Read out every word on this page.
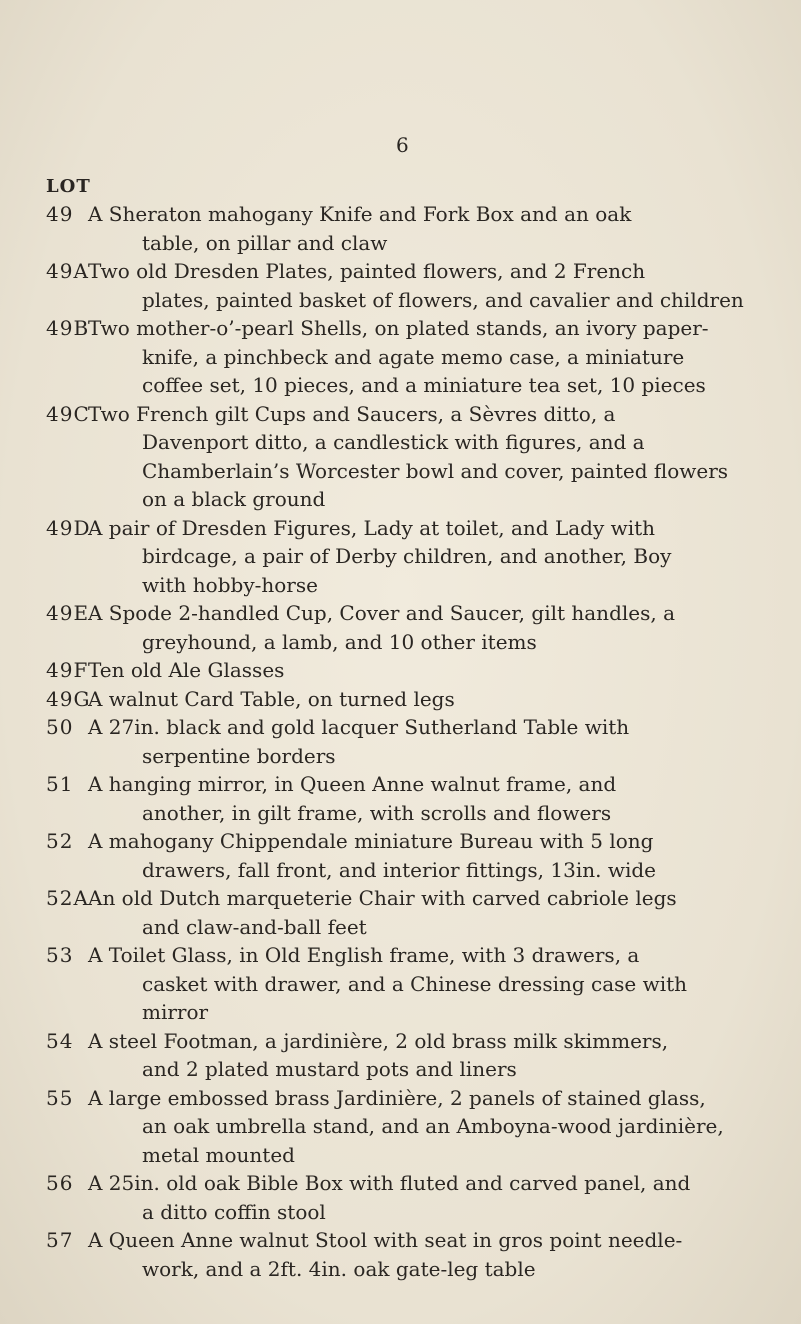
6
LOT
49 A Sheraton mahogany Knife and Fork Box and an oak
table, on pillar and claw
49A Two old Dresden Plates, painted flowers, and 2 French
plates, painted basket of flowers, and cavalier and children
49B
Two mother-o’-pearl Shells, on plated stands, an ivory paper-
knife, a pinchbeck and agate memo case, a miniature
coffee set, 10 pieces, and a miniature tea set, 10 pieces
49C
Two French gilt Cups and Saucers, a Sèvres ditto, a
Davenport ditto, a candlestick with figures, and a
Chamberlain’s Worcester bowl and cover, painted flowers
on a black ground
49D
A pair of Dresden Figures, Lady at toilet, and Lady with
birdcage, a pair of Derby children, and another, Boy
with hobby-horse
49E
A Spode 2-handled Cup, Cover and Saucer, gilt handles, a
greyhound, a lamb, and 10 other items
49F Ten old Ale Glasses
49G
A walnut Card Table, on turned legs
50 A 27in. black and gold lacquer Sutherland Table with
serpentine borders
51 A hanging mirror, in Queen Anne walnut frame, and
another, in gilt frame, with scrolls and flowers
52 A mahogany Chippendale miniature Bureau with 5 long
drawers, fall front, and interior fittings, 13in. wide
52A An old Dutch marqueterie Chair with carved cabriole legs
and claw-and-ball feet
53 A Toilet Glass, in Old English frame, with 3 drawers, a
casket with drawer, and a Chinese dressing case with
mirror
54 A steel Footman, a jardinière, 2 old brass milk skimmers,
and 2 plated mustard pots and liners
55 A large embossed brass Jardinière, 2 panels of stained glass,
an oak umbrella stand, and an Amboyna-wood jardinière,
metal mounted
56 A 25in. old oak Bible Box with fluted and carved panel, and
a ditto coffin stool
57 A Queen Anne walnut Stool with seat in gros point needle-
work, and a 2ft. 4in. oak gate-leg table
